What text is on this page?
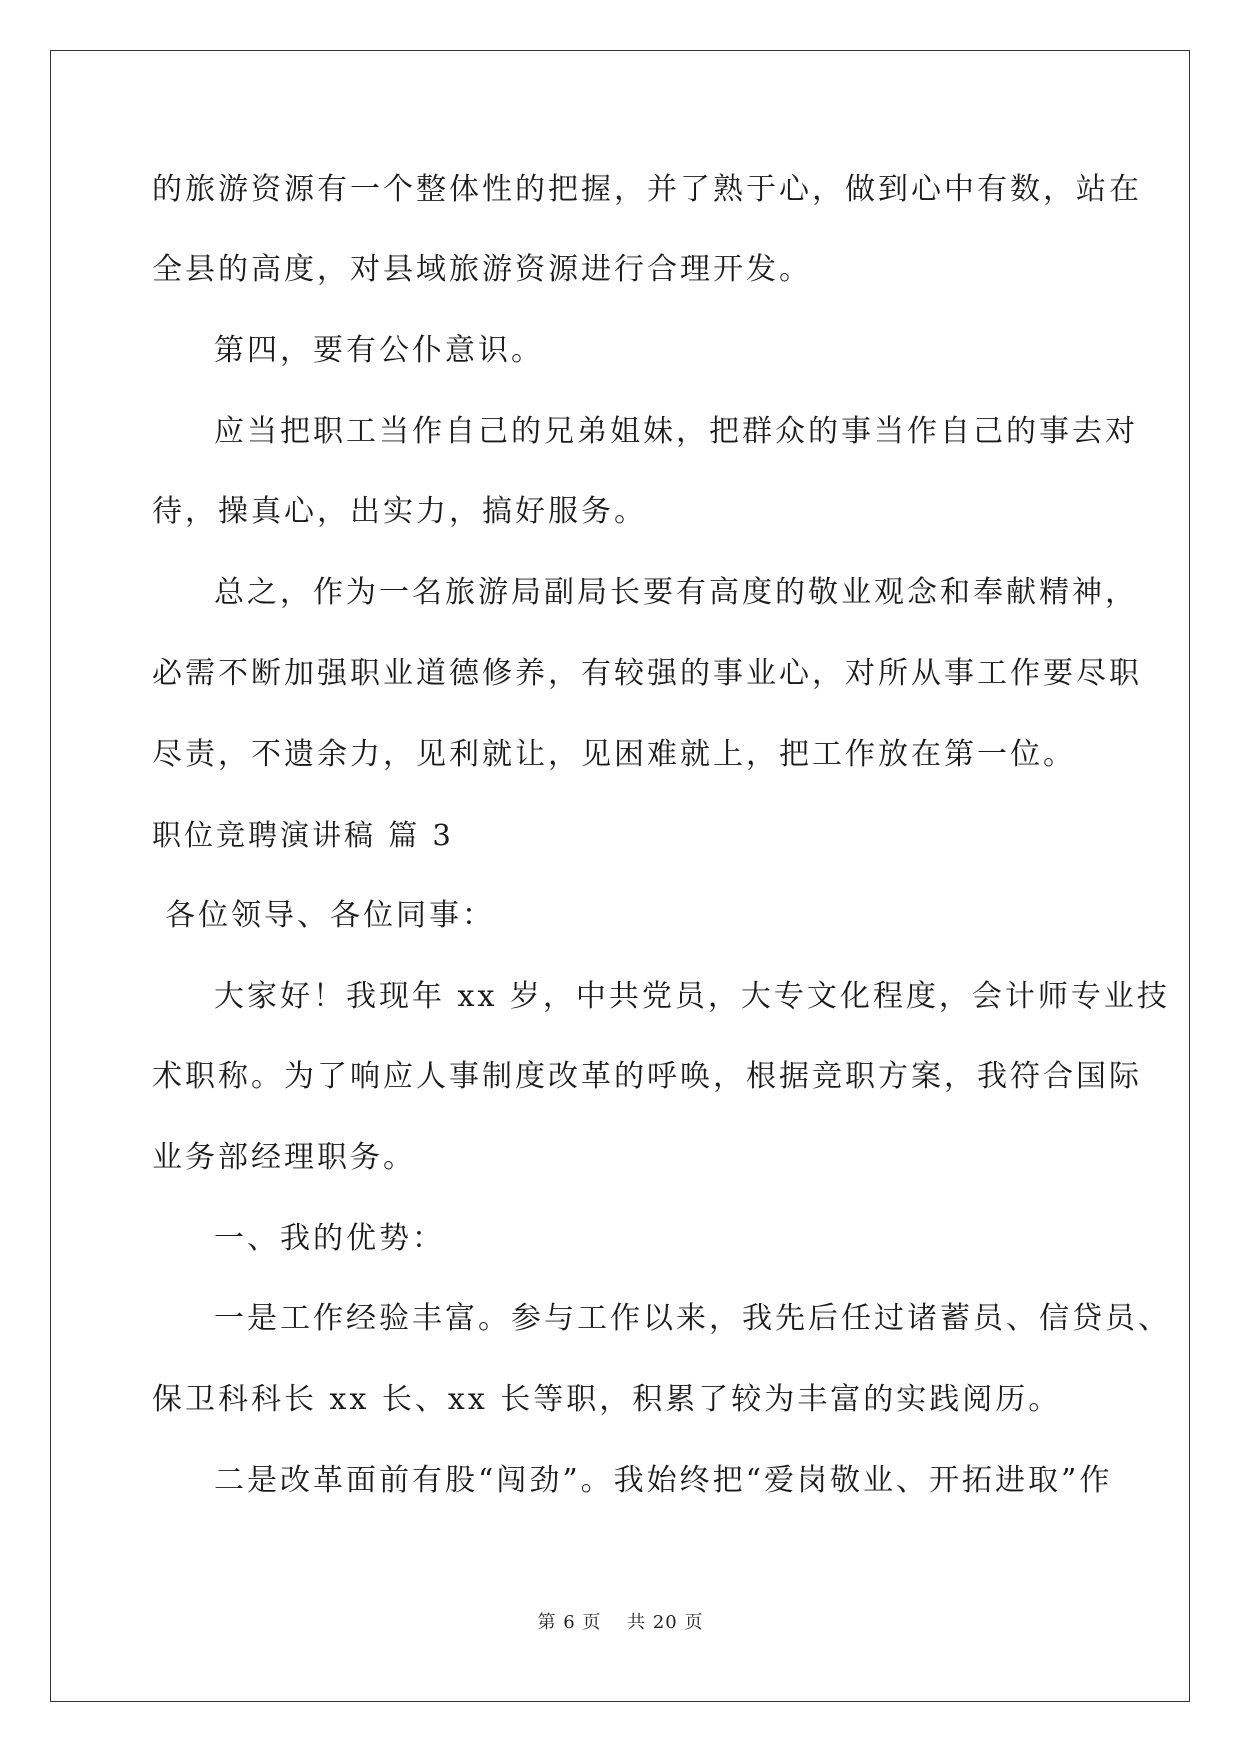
的旅游资源有一个整体性的把握，并了熟于心，做到心中有数，站在
全县的高度，对县域旅游资源进行合理开发。
第四，要有公仆意识。
应当把职工当作自己的兄弟姐妹，把群众的事当作自己的事去对
待，操真心，出实力，搞好服务。
总之，作为一名旅游局副局长要有高度的敬业观念和奉献精神，
必需不断加强职业道德修养，有较强的事业心，对所从事工作要尽职
尽责，不遗余力，见利就让，见困难就上，把工作放在第一位。
职位竞聘演讲稿 篇 3
各位领导、各位同事：
大家好！我现年 xx 岁，中共党员，大专文化程度，会计师专业技
术职称。为了响应人事制度改革的呼唤，根据竞职方案，我符合国际
业务部经理职务。
一、我的优势：
一是工作经验丰富。参与工作以来，我先后任过诸蓄员、信贷员、
保卫科科长 xx 长、xx 长等职，积累了较为丰富的实践阅历。
二是改革面前有股“闯劲”。我始终把“爱岗敬业、开拓进取”作
第 6 页　 共 20 页
